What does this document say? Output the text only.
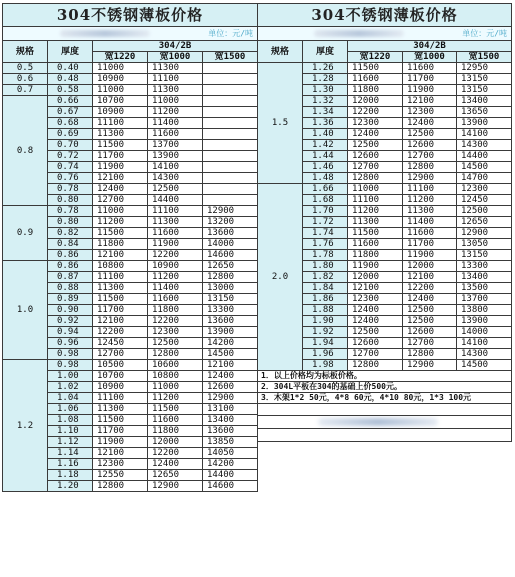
304不锈钢薄板价格				
单位：元/吨				
规格	厚度	304/2B		
		宽1220	宽1000	宽1500
0.5	0.40	11000	11300	
0.6	0.48	10900	11100	
0.7	0.58	11000	11300	
0.8	0.66	10700	11000	
	0.67	10900	11200	
	0.68	11100	11400	
	0.69	11300	11600	
	0.70	11500	13700	
	0.72	11700	13900	
	0.74	11900	14100	
	0.76	12100	14300	
	0.78	12400	12500	
	0.80	12700	14400	
0.9	0.78	11000	11100	12900
	0.80	11200	11300	13200
	0.82	11500	11600	13600
	0.84	11800	11900	14000
	0.86	12100	12200	14600
1.0	0.86	10800	10900	12650
	0.87	11100	11200	12800
	0.88	11300	11400	13000
	0.89	11500	11600	13150
	0.90	11700	11800	13300
	0.92	12100	12200	13600
	0.94	12200	12300	13900
	0.96	12450	12500	14200
	0.98	12700	12800	14500
1.2	0.98	10500	10600	12100
	1.00	10700	10800	12400
	1.02	10900	11000	12600
	1.04	11100	11200	12900
	1.06	11300	11500	13100
	1.08	11500	11600	13400
	1.10	11700	11800	13600
	1.12	11900	12000	13850
	1.14	12100	12200	14050
	1.16	12300	12400	14200
	1.18	12550	12650	14400
	1.20	12800	12900	14600
304不锈钢薄板价格				
单位：元/吨				
规格	厚度	304/2B		
		宽1220	宽1000	宽1500
1.5	1.26	11500	11600	12950
	1.28	11600	11700	13150
	1.30	11800	11900	13150
	1.32	12000	12100	13400
	1.34	12200	12300	13650
	1.36	12300	12400	13900
	1.40	12400	12500	14100
	1.42	12500	12600	14300
	1.44	12600	12700	14400
	1.46	12700	12800	14500
	1.48	12800	12900	14700
2.0	1.66	11000	11100	12300
	1.68	11100	11200	12450
	1.70	11200	11300	12500
	1.72	11300	11400	12650
	1.74	11500	11600	12900
	1.76	11600	11700	13050
	1.78	11800	11900	13150
	1.80	11900	12000	13300
	1.82	12000	12100	13400
	1.84	12100	12200	13500
	1.86	12300	12400	13700
	1.88	12400	12500	13800
	1.90	12400	12500	13900
	1.92	12500	12600	14000
	1.94	12600	12700	14100
	1.96	12700	12800	14300
	1.98	12800	12900	14500
1．以上价格均为标板价格。				
2．304L平板在304的基础上价500元。				
3．木架1*2 50元，4*8 60元，4*10 80元，1*3 100元				
